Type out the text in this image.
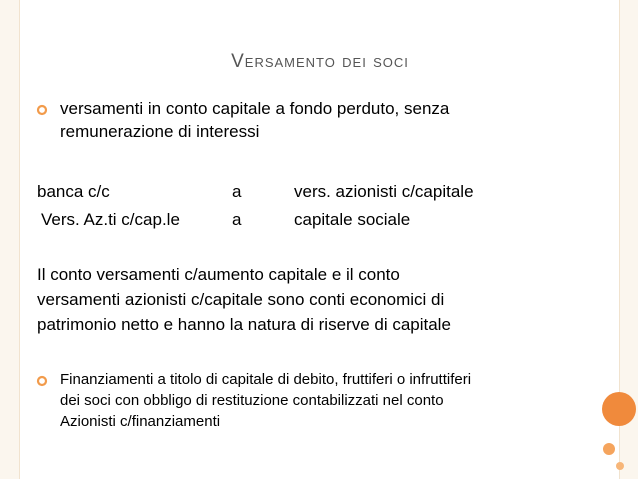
Versamento dei soci
versamenti in conto capitale a fondo perduto, senza
remunerazione di interessi
banca c/c	a	vers. azionisti c/capitale
Vers. Az.ti c/cap.le	a	capitale sociale
Il conto versamenti c/aumento capitale e il conto
versamenti azionisti c/capitale sono conti economici di
patrimonio netto e hanno la natura di riserve di capitale
Finanziamenti a titolo di capitale di debito, fruttiferi o infruttiferi
dei soci con obbligo di restituzione contabilizzati nel conto
Azionisti c/finanziamenti
